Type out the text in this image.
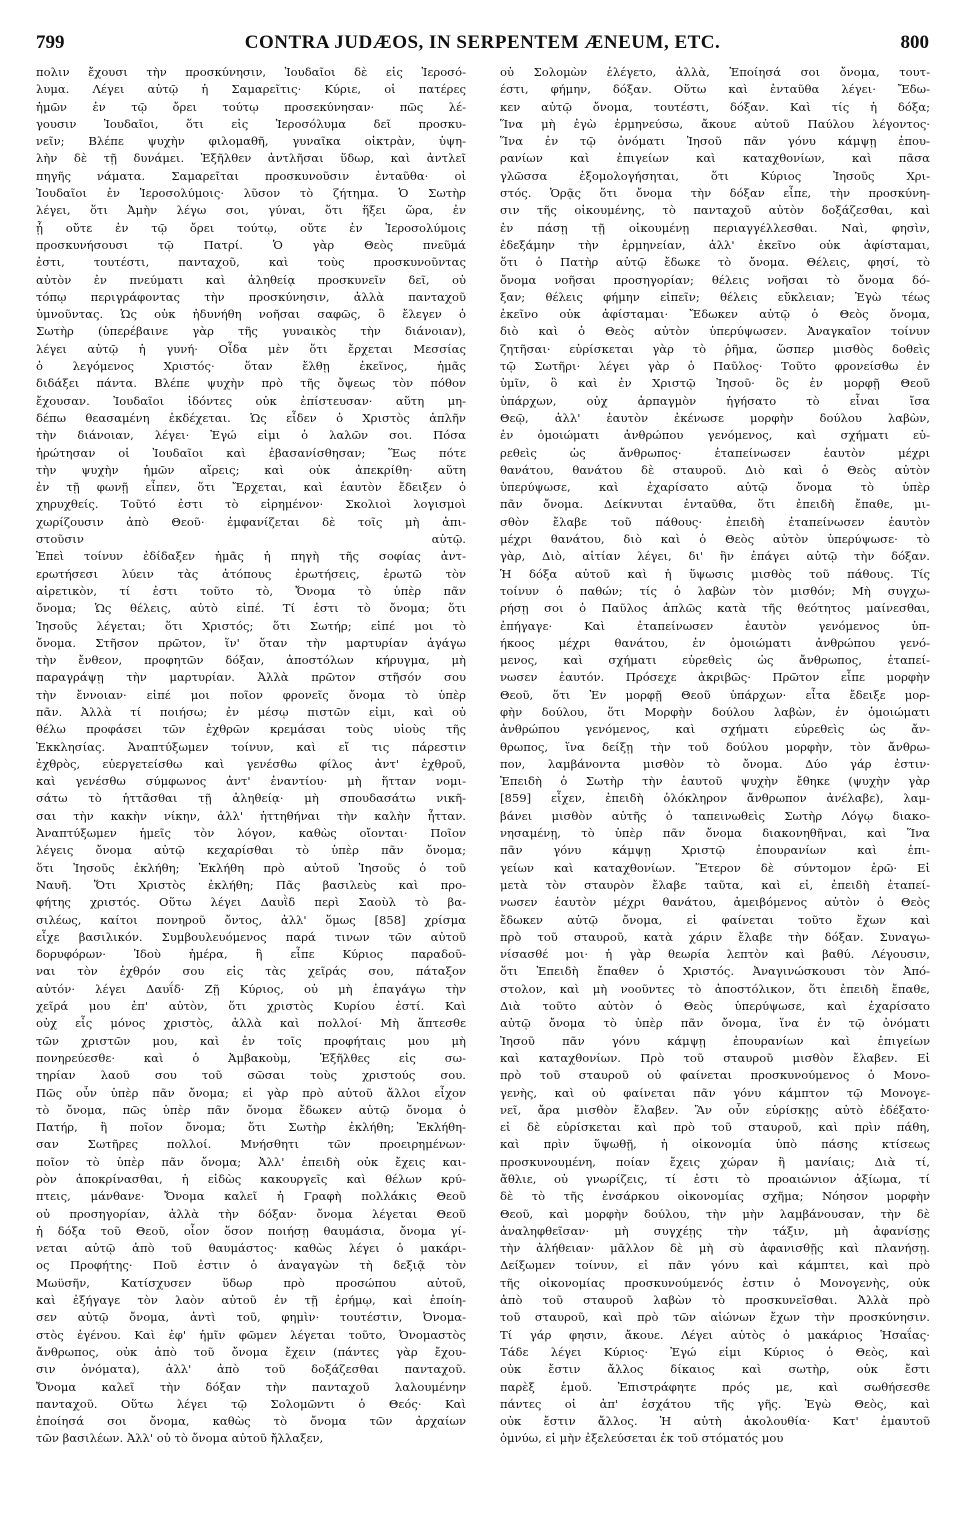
799	CONTRA JUDÆOS, IN SERPENTEM ÆNEUM, ETC.	800
πολιν ἔχουσι τὴν προσκύνησιν, Ἰουδαῖοι δὲ εἰς Ἱεροσό-
λυμα. Λέγει αὐτῷ ἡ Σαμαρεῖτις· Κύριε, οἱ πατέρες
ἡμῶν ἐν τῷ ὄρει τούτῳ προσεκύνησαν· πῶς λέ-
γουσιν Ἰουδαῖοι, ὅτι εἰς Ἱεροσόλυμα δεῖ προσκυ-
νεῖν; Βλέπε ψυχὴν φιλομαθῆ, γυναῖκα οἰκτρὰν, ὑψη-
λὴν δὲ τῇ δυνάμει. Ἐξῆλθεν ἀντλῆσαι ὕδωρ, καὶ ἀντλεῖ
πηγῆς νάματα. Σαμαρεῖται προσκυνοῦσιν ἐνταῦθα· οἱ
Ἰουδαῖοι ἐν Ἱεροσολύμοις· λῦσον τὸ ζήτημα. Ὁ Σωτὴρ
λέγει, ὅτι Ἀμὴν λέγω σοι, γύναι, ὅτι ἥξει ὥρα, ἐν
ᾗ οὔτε ἐν τῷ ὄρει τούτῳ, οὔτε ἐν Ἱεροσολύμοις
προσκυνήσουσι τῷ Πατρί. Ὁ γὰρ Θεὸς πνεῦμά
ἐστι, τουτέστι, πανταχοῦ, καὶ τοὺς προσκυνοῦντας
αὐτὸν ἐν πνεύματι καὶ ἀληθείᾳ προσκυνεῖν δεῖ, οὐ
τόπῳ περιγράφοντας τὴν προσκύνησιν, ἀλλὰ πανταχοῦ
ὑμνοῦντας. Ὡς οὐκ ἠδυνήθη νοῆσαι σαφῶς, ὃ ἔλεγεν ὁ
Σωτὴρ (ὑπερέβαινε γὰρ τῆς γυναικὸς τὴν διάνοιαν),
λέγει αὐτῷ ἡ γυνή· Οἶδα μὲν ὅτι ἔρχεται Μεσσίας
ὁ λεγόμενος Χριστός· ὅταν ἔλθῃ ἐκεῖνος, ἡμᾶς
διδάξει πάντα. Βλέπε ψυχὴν πρὸ τῆς ὄψεως τὸν πόθον
ἔχουσαν. Ἰουδαῖοι ἰδόντες οὐκ ἐπίστευσαν· αὕτη μη-
δέπω θεασαμένη ἐκδέχεται. Ὡς εἶδεν ὁ Χριστὸς ἁπλῆν
τὴν διάνοιαν, λέγει· Ἐγώ εἰμι ὁ λαλῶν σοι. Πόσα
ἠρώτησαν οἱ Ἰουδαῖοι καὶ ἐβασανίσθησαν; Ἕως πότε
τὴν ψυχὴν ἡμῶν αἴρεις; καὶ οὐκ ἀπεκρίθη· αὕτη
ἐν τῇ φωνῇ εἶπεν, ὅτι Ἔρχεται, καὶ ἑαυτὸν ἔδειξεν ὁ
χηρυχθείς. Τοῦτό ἐστι τὸ εἰρημένον· Σκολιοὶ λογισμοὶ
χωρίζουσιν ἀπὸ Θεοῦ· ἐμφανίζεται δὲ τοῖς μὴ ἀπι-
στοῦσιν αὐτῷ.
Ἐπεὶ τοίνυν ἐδίδαξεν ἡμᾶς ἡ πηγὴ τῆς σοφίας ἀντ-
ερωτήσεσι λύειν τὰς ἀτόπους ἐρωτήσεις, ἐρωτῶ τὸν
αἱρετικὸν, τί ἐστι τοῦτο τὸ, Ὄνομα τὸ ὑπὲρ πᾶν
ὄνομα; Ὡς θέλεις, αὐτὸ εἰπέ. Τί ἐστι τὸ ὄνομα; ὅτι
Ἰησοῦς λέγεται; ὅτι Χριστός; ὅτι Σωτήρ; εἰπέ μοι τὸ
ὄνομα. Στῆσον πρῶτον, ἵν' ὅταν τὴν μαρτυρίαν ἀγάγω
τὴν ἔνθεον, προφητῶν δόξαν, ἀποστόλων κήρυγμα, μὴ
παραγράψῃ τὴν μαρτυρίαν. Ἀλλὰ πρῶτον στῆσόν σου
τὴν ἔννοιαν· εἰπέ μοι ποῖον φρονεῖς ὄνομα τὸ ὑπὲρ
πᾶν. Ἀλλὰ τί ποιήσω; ἐν μέσῳ πιστῶν εἰμι, καὶ οὐ
θέλω προφάσει τῶν ἐχθρῶν κρεμάσαι τοὺς υἱοὺς τῆς
Ἐκκλησίας. Ἀναπτύξωμεν τοίνυν, καὶ εἴ τις πάρεστιν
ἐχθρὸς, εὐεργετείσθω καὶ γενέσθω φίλος ἀντ' ἐχθροῦ,
καὶ γενέσθω σύμφωνος ἀντ' ἐναντίου· μὴ ἥτταν νομι-
σάτω τὸ ἡττᾶσθαι τῇ ἀληθείᾳ· μὴ σπουδασάτω νικῆ-
σαι τὴν κακὴν νίκην, ἀλλ' ἡττηθήναι τὴν καλὴν ἧτταν.
Ἀναπτύξωμεν ἡμεῖς τὸν λόγον, καθὼς οἴονται· Ποῖον
λέγεις ὄνομα αὐτῷ κεχαρίσθαι τὸ ὑπὲρ πᾶν ὄνομα;
ὅτι Ἰησοῦς ἐκλήθη; Ἐκλήθη πρὸ αὐτοῦ Ἰησοῦς ὁ τοῦ
Ναυῆ. Ὅτι Χριστὸς ἐκλήθη; Πᾶς βασιλεὺς καὶ προ-
φήτης χριστός. Οὕτω λέγει Δαυῒδ περὶ Σαοὺλ τὸ βα-
σιλέως, καίτοι πονηροῦ ὄντος, ἀλλ' ὅμως [858] χρίσμα
εἶχε βασιλικόν. Συμβουλευόμενος παρά τινων τῶν αὐτοῦ
δορυφόρων· Ἰδοὺ ἡμέρα, ἣ εἶπε Κύριος παραδοῦ-
ναι τὸν ἐχθρόν σου εἰς τὰς χεῖράς σου, πάταξον
αὐτόν· λέγει Δαυΐδ· Ζῇ Κύριος, οὐ μὴ ἐπαγάγω τὴν
χεῖρά μου ἐπ' αὐτὸν, ὅτι χριστὸς Κυρίου ἐστί. Καὶ
οὐχ εἷς μόνος χριστὸς, ἀλλὰ καὶ πολλοί· Μὴ ἅπτεσθε
τῶν χριστῶν μου, καὶ ἐν τοῖς προφήταις μου μὴ
πονηρεύεσθε· καὶ ὁ Ἀμβακοὺμ, Ἐξῆλθες εἰς σω-
τηρίαν λαοῦ σου τοῦ σῶσαι τοὺς χριστούς σου.
Πῶς οὖν ὑπὲρ πᾶν ὄνομα; εἰ γὰρ πρὸ αὐτοῦ ἄλλοι εἶχον
τὸ ὄνομα, πῶς ὑπὲρ πᾶν ὄνομα ἔδωκεν αὐτῷ ὄνομα ὁ
Πατήρ, ἢ ποῖον ὄνομα; ὅτι Σωτὴρ ἐκλήθη; Ἐκλήθη-
σαν Σωτῆρες πολλοί. Μνήσθητι τῶν προειρημένων·
ποῖον τὸ ὑπὲρ πᾶν ὄνομα; Ἀλλ' ἐπειδὴ οὐκ ἔχεις και-
ρὸν ἀποκρίνασθαι, ἡ εἰδὼς κακουργεῖς καὶ θέλων κρύ-
πτεις, μάνθανε· Ὄνομα καλεῖ ἡ Γραφὴ πολλάκις Θεοῦ
οὐ προσηγορίαν, ἀλλὰ τὴν δόξαν· ὄνομα λέγεται Θεοῦ
ἡ δόξα τοῦ Θεοῦ, οἷον ὅσον ποιήσῃ θαυμάσια, ὄνομα γί-
νεται αὐτῷ ἀπὸ τοῦ θαυμάστος· καθὼς λέγει ὁ μακάρι-
ος Προφήτης· Ποῦ ἐστιν ὁ ἀναγαγὼν τὴ δεξιᾷ τὸν
Μωϋσῆν, Κατίσχυσεν ὕδωρ πρὸ προσώπου αὐτοῦ,
καὶ ἐξήγαγε τὸν λαὸν αὐτοῦ ἐν τῇ ἐρήμῳ, καὶ ἐποίη-
σεν αὐτῷ ὄνομα, ἀντὶ τοῦ, φημὶν· τουτέστιν, Ὀνομα-
στὸς ἐγένου. Καὶ ἐφ' ἡμῖν φῶμεν λέγεται τοῦτο, Ὀνομαστὸς
ἄνθρωπος, οὐκ ἀπὸ τοῦ ὄνομα ἔχειν (πάντες γὰρ ἔχου-
σιν ὀνόματα), ἀλλ' ἀπὸ τοῦ δοξάζεσθαι πανταχοῦ.
Ὄνομα καλεῖ τὴν δόξαν τὴν πανταχοῦ λαλουμένην
πανταχοῦ. Οὕτω λέγει τῷ Σολομῶντι ὁ Θεός· Καὶ
ἐποίησά σοι ὄνομα, καθὼς τὸ ὄνομα τῶν ἀρχαίων
τῶν βασιλέων. Ἀλλ' οὐ τὸ ὄνομα αὐτοῦ ἤλλαξεν,
οὐ Σολομὼν ἐλέγετο, ἀλλὰ, Ἐποίησά σοι ὄνομα, τουτ-
έστι, φήμην, δόξαν. Οὕτω καὶ ἐνταῦθα λέγει· Ἔδω-
κεν αὐτῷ ὄνομα, τουτέστι, δόξαν. Καὶ τίς ἡ δόξα;
Ἵνα μὴ ἐγὼ ἑρμηνεύσω, ἄκουε αὐτοῦ Παύλου λέγοντος·
Ἵνα ἐν τῷ ὀνόματι Ἰησοῦ πᾶν γόνυ κάμψῃ ἐπου-
ρανίων καὶ ἐπιγείων καὶ καταχθονίων, καὶ πᾶσα
γλῶσσα ἐξομολογήσηται, ὅτι Κύριος Ἰησοῦς Χρι-
στός. Ὁρᾷς ὅτι ὄνομα τὴν δόξαν εἶπε, τὴν προσκύνη-
σιν τῆς οἰκουμένης, τὸ πανταχοῦ αὐτὸν δοξάζεσθαι, καὶ
ἐν πάσῃ τῇ οἰκουμένῃ περιαγγέλλεσθαι. Ναὶ, φησὶν,
ἐδεξάμην τὴν ἑρμηνείαν, ἀλλ' ἐκεῖνο οὐκ ἀφίσταμαι,
ὅτι ὁ Πατὴρ αὐτῷ ἔδωκε τὸ ὄνομα. Θέλεις, φησί, τὸ
ὄνομα νοῆσαι προσηγορίαν; θέλεις νοῆσαι τὸ ὄνομα δό-
ξαν; θέλεις φήμην εἰπεῖν; θέλεις εὔκλειαν; Ἐγὼ τέως
ἐκεῖνο οὐκ ἀφίσταμαι· Ἔδωκεν αὐτῷ ὁ Θεὸς ὄνομα,
διὸ καὶ ὁ Θεὸς αὐτὸν ὑπερύψωσεν. Ἀναγκαῖον τοίνυν
ζητῆσαι· εὑρίσκεται γὰρ τὸ ῥῆμα, ὥσπερ μισθὸς δοθεὶς
τῷ Σωτῆρι· λέγει γὰρ ὁ Παῦλος· Τοῦτο φρονείσθω ἐν
ὑμῖν, ὃ καὶ ἐν Χριστῷ Ἰησοῦ· ὃς ἐν μορφῇ Θεοῦ
ὑπάρχων, οὐχ ἁρπαγμὸν ἡγήσατο τὸ εἶναι ἴσα
Θεῷ, ἀλλ' ἑαυτὸν ἐκένωσε μορφὴν δούλου λαβὼν,
ἐν ὁμοιώματι ἀνθρώπου γενόμενος, καὶ σχήματι εὑ-
ρεθεὶς ὡς ἄνθρωπος· ἐταπείνωσεν ἑαυτὸν μέχρι
θανάτου, θανάτου δὲ σταυροῦ. Διὸ καὶ ὁ Θεὸς αὐτὸν
ὑπερύψωσε, καὶ ἐχαρίσατο αὐτῷ ὄνομα τὸ ὑπὲρ
πᾶν ὄνομα. Δείκνυται ἐνταῦθα, ὅτι ἐπειδὴ ἔπαθε, μι-
σθὸν ἔλαβε τοῦ πάθους· ἐπειδὴ ἐταπείνωσεν ἑαυτὸν
μέχρι θανάτου, διὸ καὶ ὁ Θεὸς αὐτὸν ὑπερύψωσε· τὸ
γὰρ, Διὸ, αἰτίαν λέγει, δι' ἣν ἐπάγει αὐτῷ τὴν δόξαν.
Ἡ δόξα αὐτοῦ καὶ ἡ ὕψωσις μισθὸς τοῦ πάθους. Τίς
τοίνυν ὁ παθών; τίς ὁ λαβὼν τὸν μισθόν; Μὴ συγχω-
ρήσῃ σοι ὁ Παῦλος ἁπλῶς κατὰ τῆς θεότητος μαίνεσθαι,
ἐπήγαγε· Καὶ ἐταπείνωσεν ἑαυτὸν γενόμενος ὑπ-
ήκοος μέχρι θανάτου, ἐν ὁμοιώματι ἀνθρώπου γενό-
μενος, καὶ σχήματι εὑρεθεὶς ὡς ἄνθρωπος, ἐταπεί-
νωσεν ἑαυτόν. Πρόσεχε ἀκριβῶς· Πρῶτον εἶπε μορφὴν
Θεοῦ, ὅτι Ἐν μορφῇ Θεοῦ ὑπάρχων· εἶτα ἔδειξε μορ-
φὴν δούλου, ὅτι Μορφὴν δούλου λαβὼν, ἐν ὁμοιώματι
ἀνθρώπου γενόμενος, καὶ σχήματι εὑρεθεὶς ὡς ἄν-
θρωπος, ἵνα δείξῃ τὴν τοῦ δούλου μορφὴν, τὸν ἄνθρω-
πον, λαμβάνοντα μισθὸν τὸ ὄνομα. Δύο γάρ ἐστιν·
Ἐπειδὴ ὁ Σωτὴρ τὴν ἑαυτοῦ ψυχὴν ἔθηκε (ψυχὴν γὰρ
[859] εἶχεν, ἐπειδὴ ὁλόκληρον ἄνθρωπον ἀνέλαβε), λαμ-
βάνει μισθὸν αὐτῆς ὁ ταπεινωθεὶς Σωτὴρ Λόγῳ διακο-
νησαμένῃ, τὸ ὑπὲρ πᾶν ὄνομα διακονηθῆναι, καὶ Ἵνα
πᾶν γόνυ κάμψῃ Χριστῷ ἐπουρανίων καὶ ἐπι-
γείων καὶ καταχθονίων. Ἕτερον δὲ σύντομον ἐρῶ· Εἰ
μετὰ τὸν σταυρὸν ἔλαβε ταῦτα, καὶ εἰ, ἐπειδὴ ἐταπεί-
νωσεν ἑαυτὸν μέχρι θανάτου, ἀμειβόμενος αὐτὸν ὁ Θεὸς
ἔδωκεν αὐτῷ ὄνομα, εἰ φαίνεται τοῦτο ἔχων καὶ
πρὸ τοῦ σταυροῦ, κατὰ χάριν ἔλαβε τὴν δόξαν. Συναγω-
νίσασθέ μοι· ἡ γὰρ θεωρία λεπτὸν καὶ βαθύ. Λέγουσιν,
ὅτι Ἐπειδὴ ἔπαθεν ὁ Χριστός. Ἀναγινώσκουσι τὸν Ἀπό-
στολον, καὶ μὴ νοοῦντες τὸ ἀποστόλικον, ὅτι ἐπειδὴ ἔπαθε,
Διὰ τοῦτο αὐτὸν ὁ Θεὸς ὑπερύψωσε, καὶ ἐχαρίσατο
αὐτῷ ὄνομα τὸ ὑπὲρ πᾶν ὄνομα, ἵνα ἐν τῷ ὀνόματι
Ἰησοῦ πᾶν γόνυ κάμψῃ ἐπουρανίων καὶ ἐπιγείων
καὶ καταχθονίων. Πρὸ τοῦ σταυροῦ μισθὸν ἔλαβεν. Εἰ
πρὸ τοῦ σταυροῦ οὐ φαίνεται προσκυνούμενος ὁ Μονο-
γενὴς, καὶ οὐ φαίνεται πᾶν γόνυ κάμπτον τῷ Μονογε-
νεῖ, ἄρα μισθὸν ἔλαβεν. Ἂν οὖν εὑρίσκῃς αὐτὸ ἐδέξατο·
εἰ δὲ εὑρίσκεται καὶ πρὸ τοῦ σταυροῦ, καὶ πρὶν πάθη,
καὶ πρὶν ὕψωθῇ, ἡ οἰκονομία ὑπὸ πάσης κτίσεως
προσκυνουμένη, ποίαν ἔχεις χώραν ἢ μανίαις; Διὰ τί,
ἄθλιε, οὐ γνωρίζεις, τί ἐστι τὸ προαιώνιον ἀξίωμα, τί
δὲ τὸ τῆς ἐνσάρκου οἰκονομίας σχῆμα; Νόησον μορφὴν
Θεοῦ, καὶ μορφὴν δούλου, τὴν μὴν λαμβάνουσαν, τὴν δὲ
ἀναληφθεῖσαν· μὴ συγχέῃς τὴν τάξιν, μὴ ἀφανίσῃς
τὴν ἀλήθειαν· μᾶλλον δὲ μὴ σὺ ἀφανισθῇς καὶ πλανήσῃ.
Δείξωμεν τοίνυν, εἰ πᾶν γόνυ καὶ κάμπτει, καὶ πρὸ
τῆς οἰκονομίας προσκυνούμενός ἐστιν ὁ Μονογενὴς, οὐκ
ἀπὸ τοῦ σταυροῦ λαβὼν τὸ προσκυνεῖσθαι. Ἀλλὰ πρὸ
τοῦ σταυροῦ, καὶ πρὸ τῶν αἰώνων ἔχων τὴν προσκύνησιν.
Τί γάρ φησιν, ἄκουε. Λέγει αὐτὸς ὁ μακάριος Ἡσαΐας·
Τάδε λέγει Κύριος· Ἐγώ εἰμι Κύριος ὁ Θεὸς, καὶ
οὐκ ἔστιν ἄλλος δίκαιος καὶ σωτὴρ, οὐκ ἔστι
παρὲξ ἐμοῦ. Ἐπιστράφητε πρός με, καὶ σωθήσεσθε
πάντες οἱ ἀπ' ἐσχάτου τῆς γῆς. Ἐγὼ Θεὸς, καὶ
οὐκ ἔστιν ἄλλος. Ἡ αὐτὴ ἀκολουθία· Κατ' ἐμαυτοῦ
ὀμνύω, εἰ μὴν ἐξελεύσεται ἐκ τοῦ στόματός μου
